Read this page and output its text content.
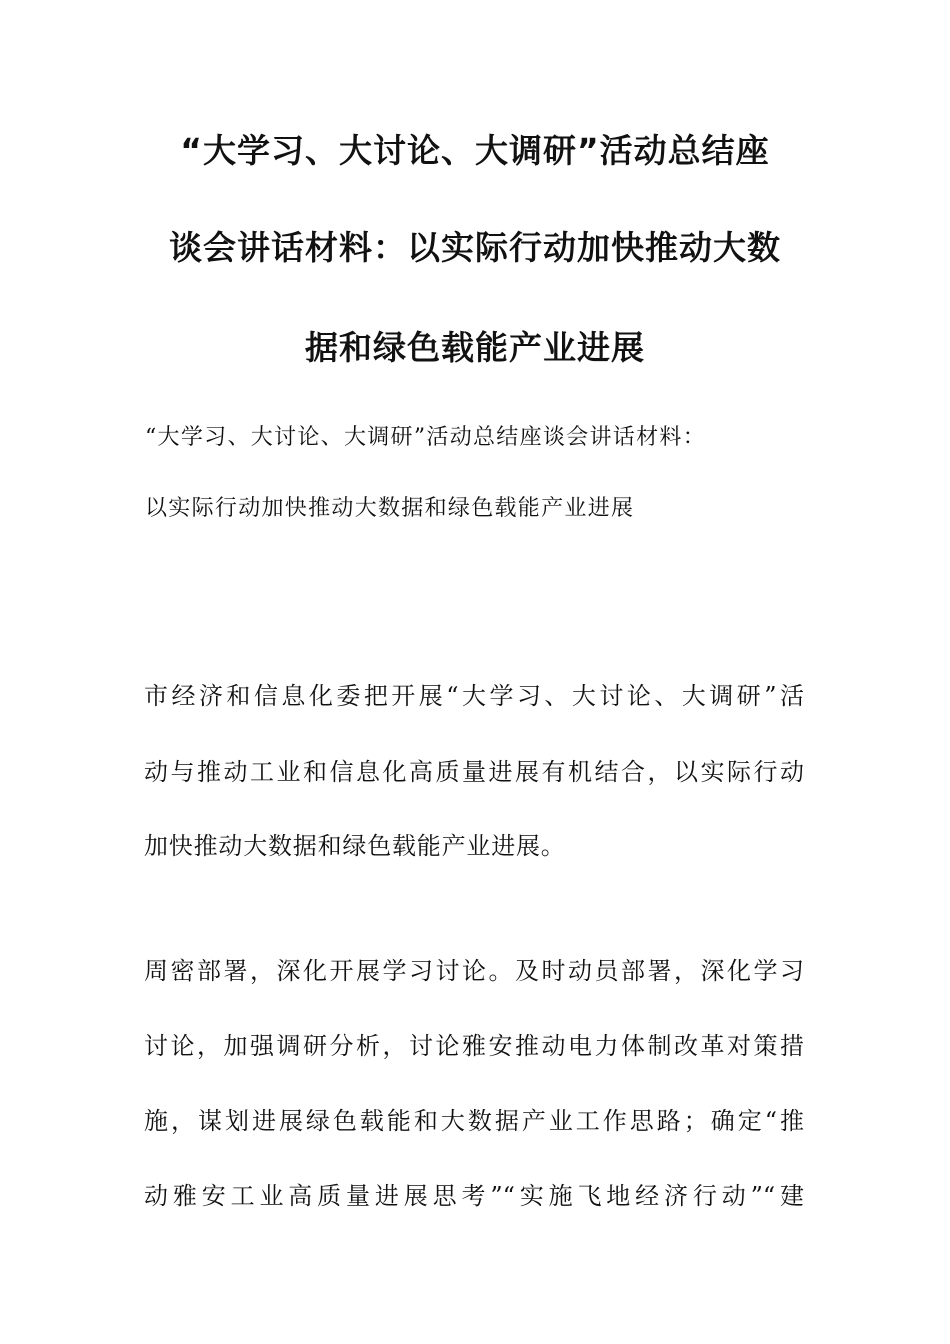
“大学习、大讨论、大调研”活动总结座
谈会讲话材料：以实际行动加快推动大数
据和绿色载能产业进展

“大学习、大讨论、大调研”活动总结座谈会讲话材料：

以实际行动加快推动大数据和绿色载能产业进展

市经济和信息化委把开展“大学习、大讨论、大调研”活

动与推动工业和信息化高质量进展有机结合，以实际行动

加快推动大数据和绿色载能产业进展。

周密部署，深化开展学习讨论。及时动员部署，深化学习

讨论，加强调研分析，讨论雅安推动电力体制改革对策措

施，谋划进展绿色载能和大数据产业工作思路；确定“推

动雅安工业高质量进展思考”“实施飞地经济行动”“建
